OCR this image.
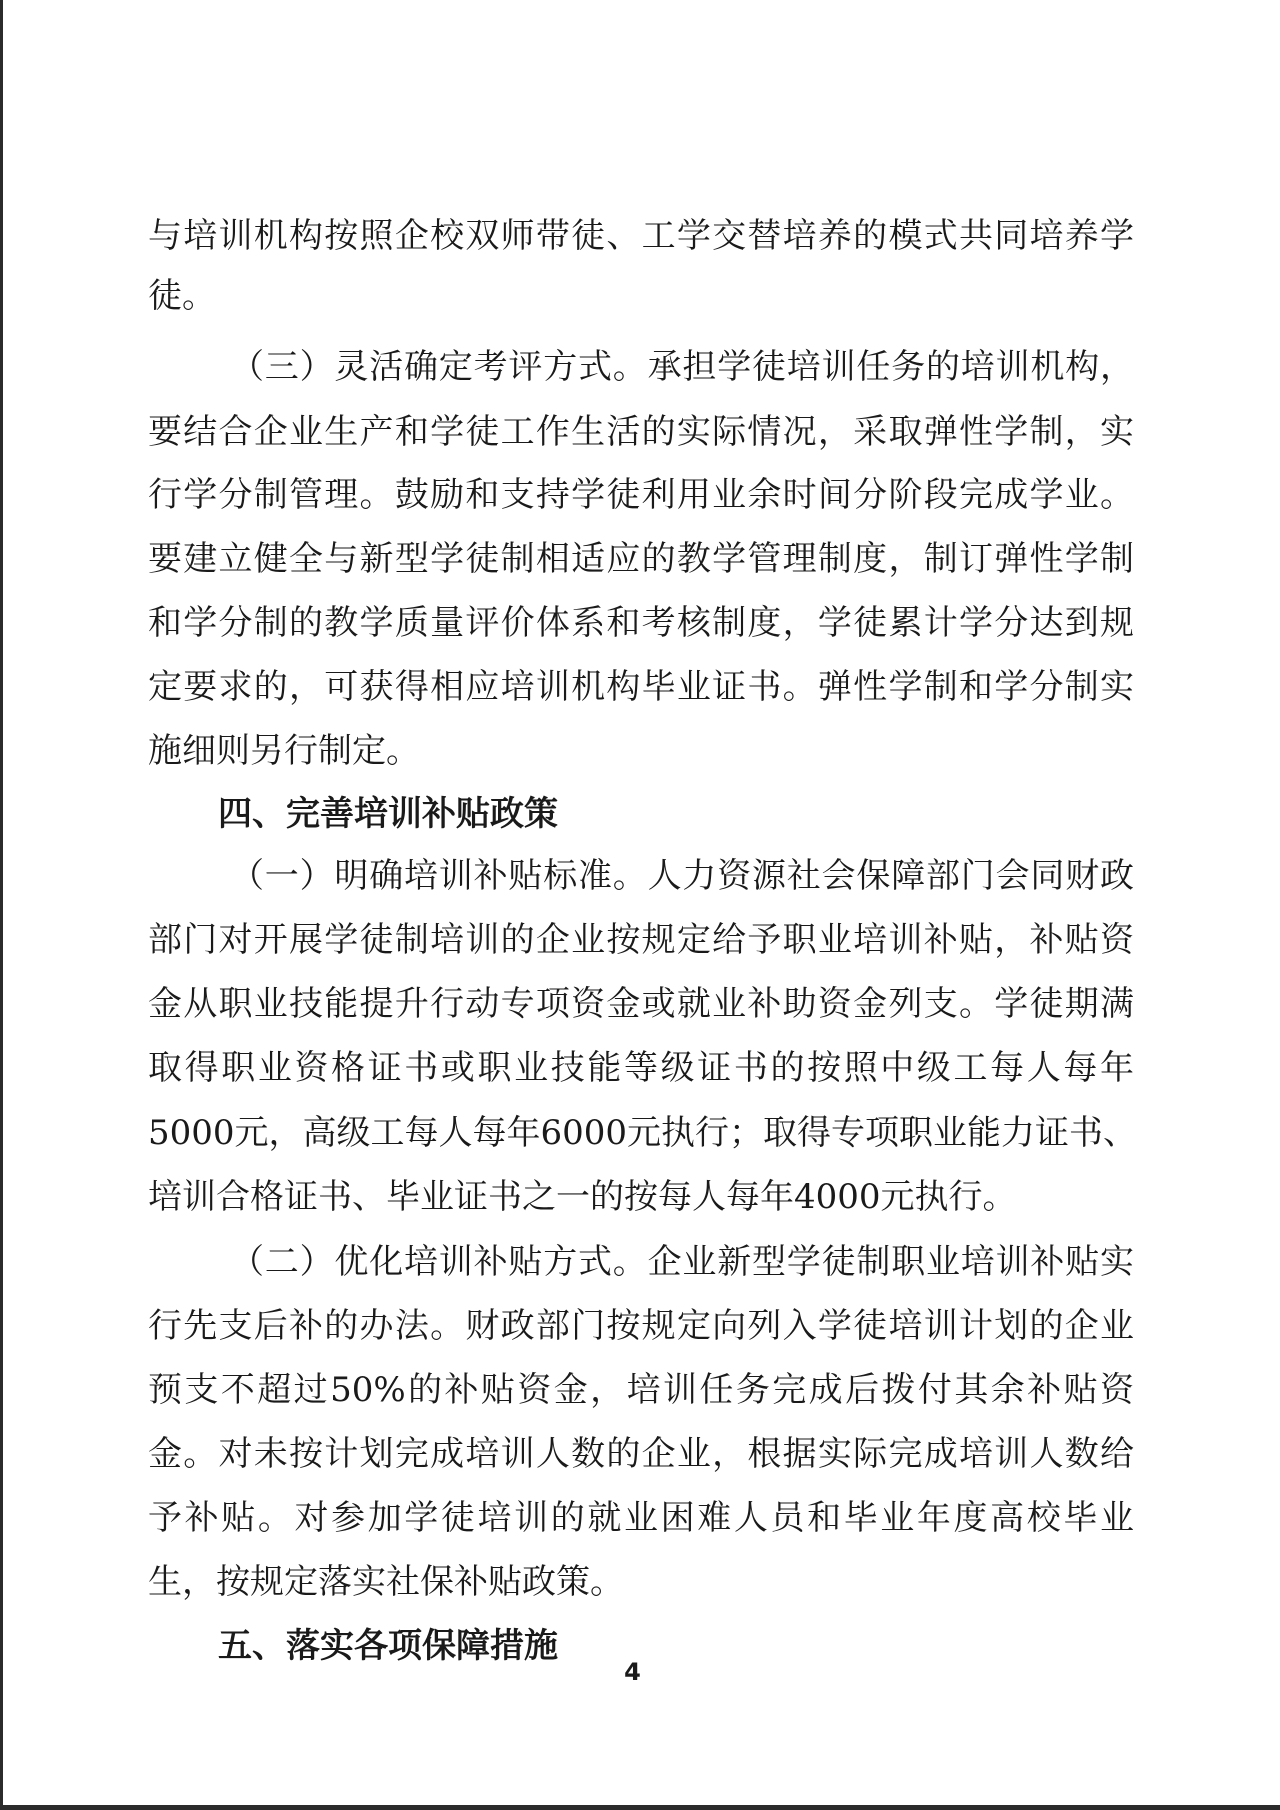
与培训机构按照企校双师带徒、工学交替培养的模式共同培养学
徒。
（三）灵活确定考评方式。承担学徒培训任务的培训机构，
要结合企业生产和学徒工作生活的实际情况，采取弹性学制，实
行学分制管理。鼓励和支持学徒利用业余时间分阶段完成学业。
要建立健全与新型学徒制相适应的教学管理制度，制订弹性学制
和学分制的教学质量评价体系和考核制度，学徒累计学分达到规
定要求的，可获得相应培训机构毕业证书。弹性学制和学分制实
施细则另行制定。
四、完善培训补贴政策
（一）明确培训补贴标准。人力资源社会保障部门会同财政
部门对开展学徒制培训的企业按规定给予职业培训补贴，补贴资
金从职业技能提升行动专项资金或就业补助资金列支。学徒期满
取得职业资格证书或职业技能等级证书的按照中级工每人每年
5000元，高级工每人每年6000元执行；取得专项职业能力证书、
培训合格证书、毕业证书之一的按每人每年4000元执行。
（二）优化培训补贴方式。企业新型学徒制职业培训补贴实
行先支后补的办法。财政部门按规定向列入学徒培训计划的企业
预支不超过50%的补贴资金，培训任务完成后拨付其余补贴资
金。对未按计划完成培训人数的企业，根据实际完成培训人数给
予补贴。对参加学徒培训的就业困难人员和毕业年度高校毕业
生，按规定落实社保补贴政策。
五、落实各项保障措施
4
